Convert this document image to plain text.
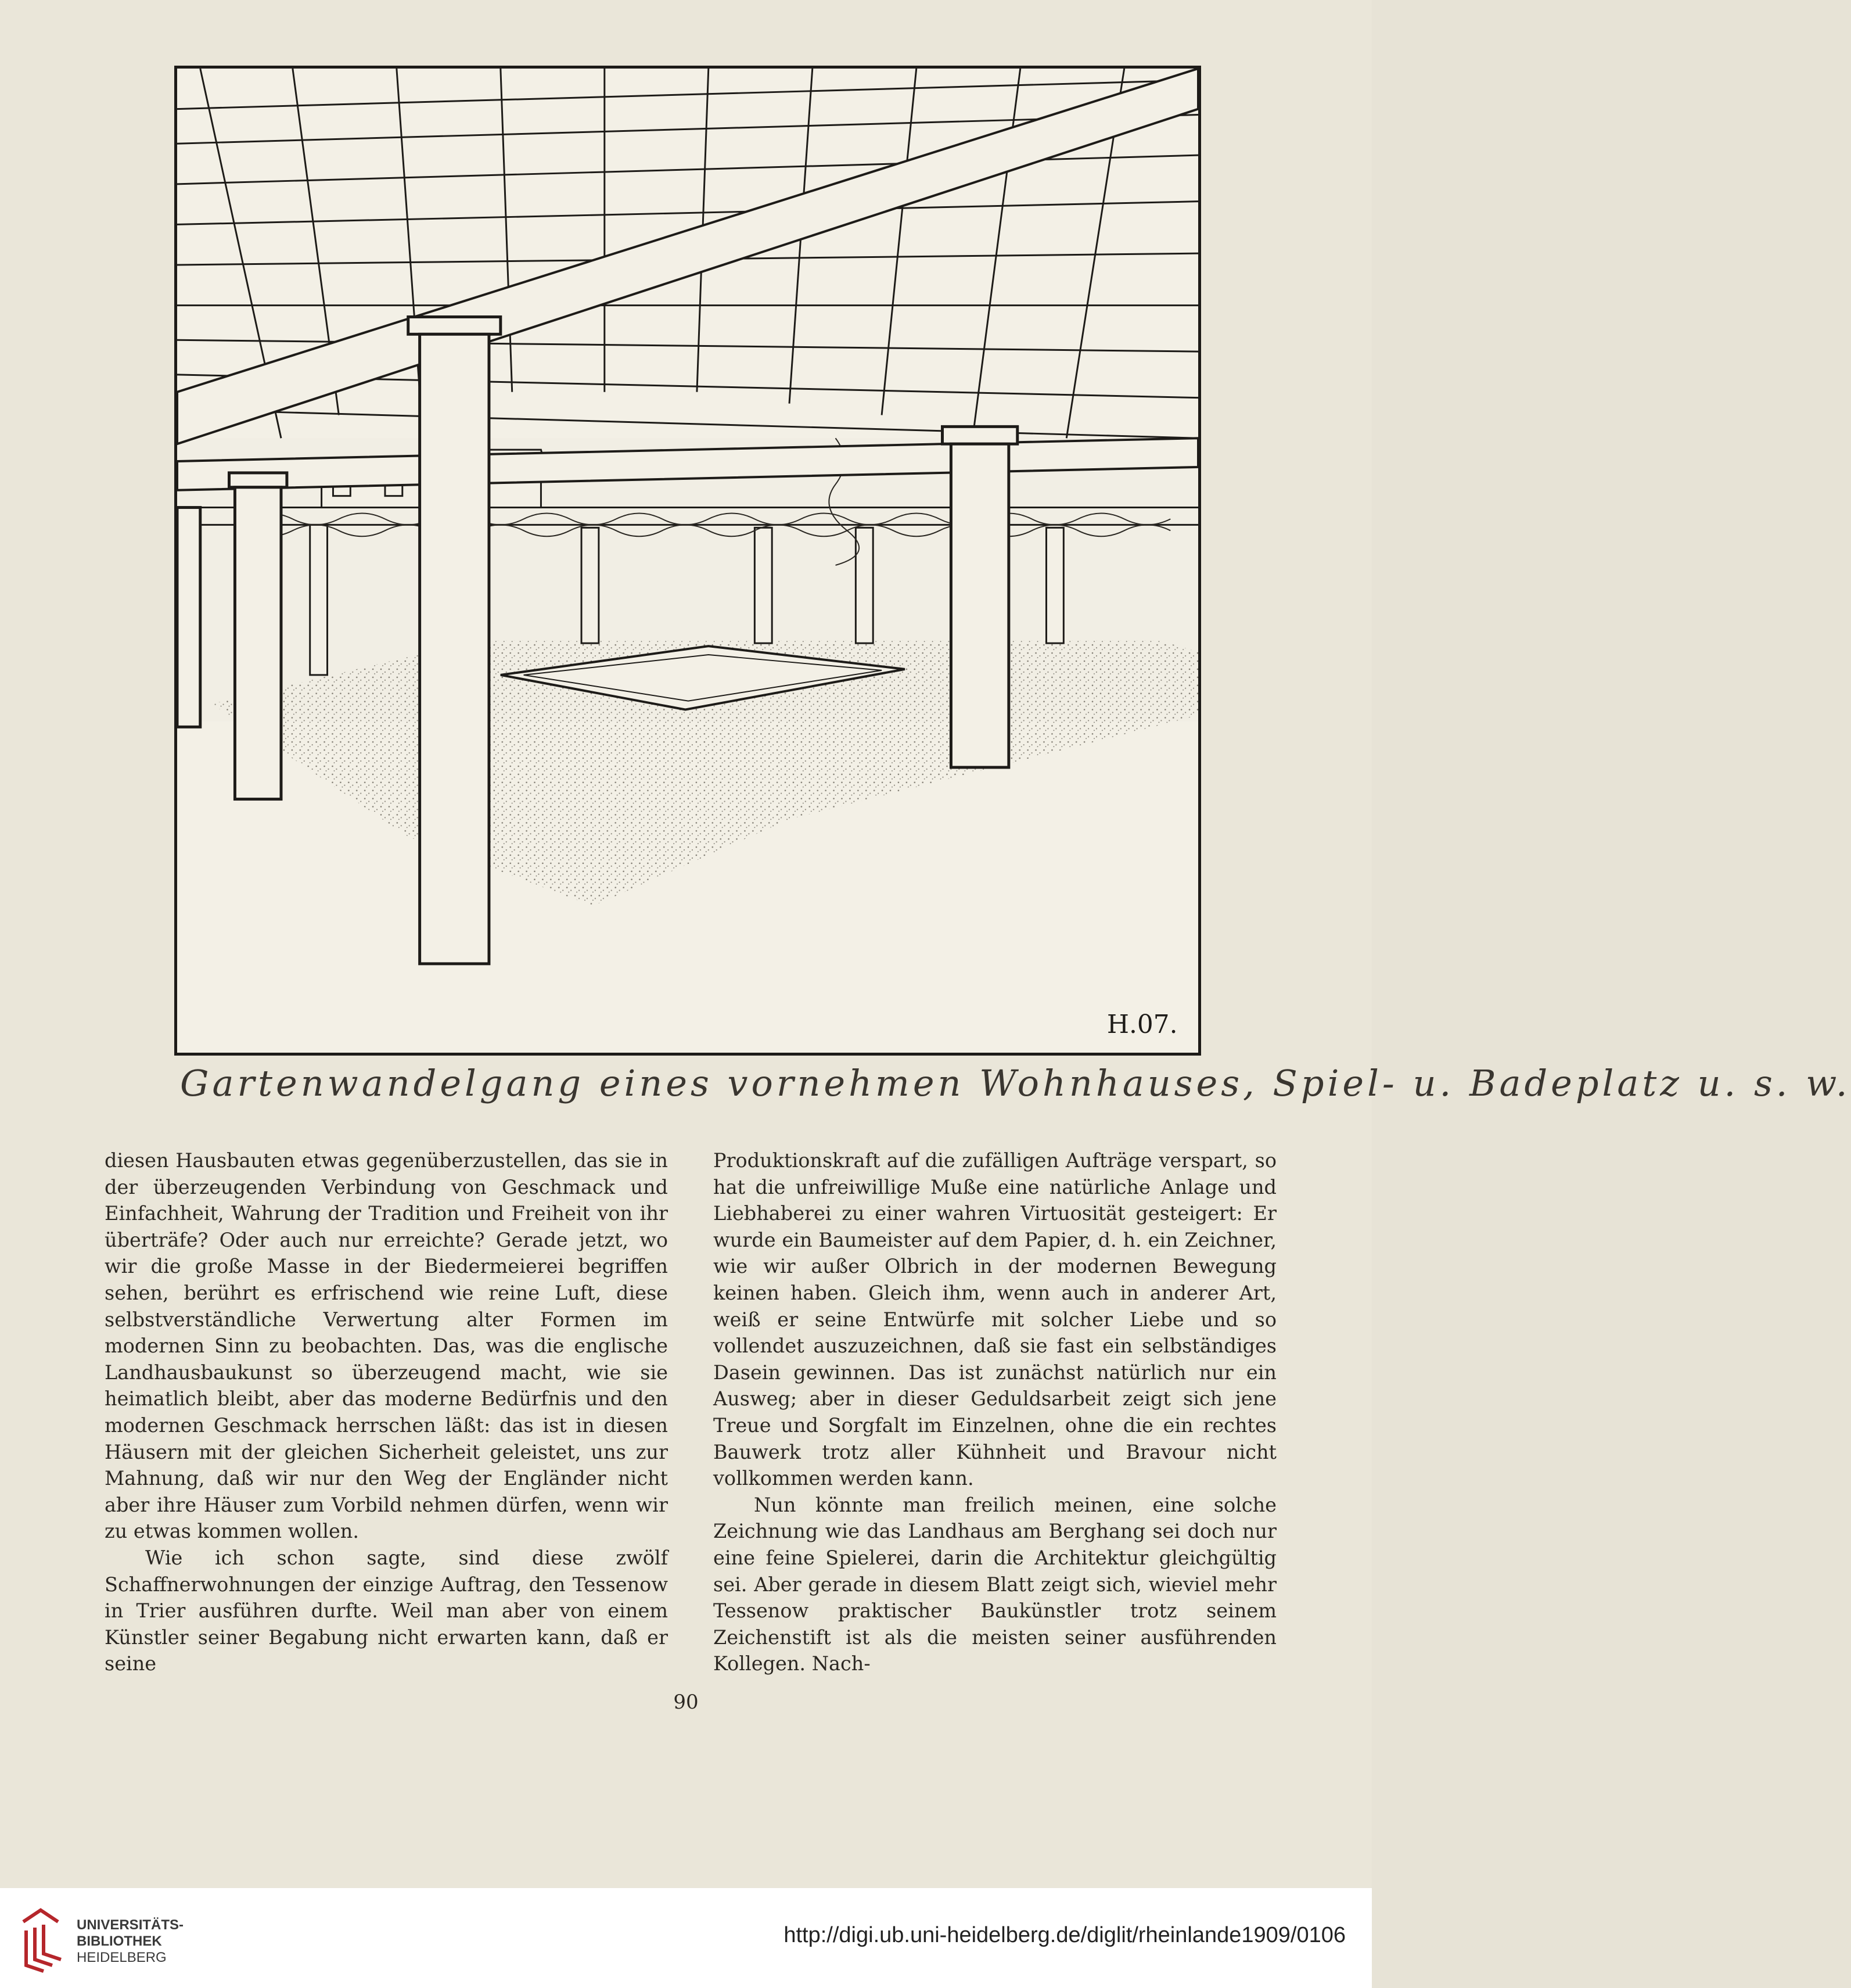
H.07.
Gartenwandelgang eines vornehmen Wohnhauses, Spiel- u. Badeplatz u. s. w.

diesen Hausbauten etwas gegenüberzustellen, das sie in der überzeugenden Verbindung von Geschmack und Einfachheit, Wahrung der Tradition und Freiheit von ihr überträfe? Oder auch nur erreichte? Gerade jetzt, wo wir die große Masse in der Biedermeierei begriffen sehen, berührt es erfrischend wie reine Luft, diese selbstverständliche Verwertung alter Formen im modernen Sinn zu beobachten. Das, was die englische Landhausbaukunst so überzeugend macht, wie sie heimatlich bleibt, aber das moderne Bedürfnis und den modernen Geschmack herrschen läßt: das ist in diesen Häusern mit der gleichen Sicherheit geleistet, uns zur Mahnung, daß wir nur den Weg der Engländer nicht aber ihre Häuser zum Vorbild nehmen dürfen, wenn wir zu etwas kommen wollen.

Wie ich schon sagte, sind diese zwölf Schaffnerwohnungen der einzige Auftrag, den Tessenow in Trier ausführen durfte. Weil man aber von einem Künstler seiner Begabung nicht erwarten kann, daß er seine

Produktionskraft auf die zufälligen Aufträge verspart, so hat die unfreiwillige Muße eine natürliche Anlage und Liebhaberei zu einer wahren Virtuosität gesteigert: Er wurde ein Baumeister auf dem Papier, d. h. ein Zeichner, wie wir außer Olbrich in der modernen Bewegung keinen haben. Gleich ihm, wenn auch in anderer Art, weiß er seine Entwürfe mit solcher Liebe und so vollendet auszuzeichnen, daß sie fast ein selbständiges Dasein gewinnen. Das ist zunächst natürlich nur ein Ausweg; aber in dieser Geduldsarbeit zeigt sich jene Treue und Sorgfalt im Einzelnen, ohne die ein rechtes Bauwerk trotz aller Kühnheit und Bravour nicht vollkommen werden kann.

Nun könnte man freilich meinen, eine solche Zeichnung wie das Landhaus am Berghang sei doch nur eine feine Spielerei, darin die Architektur gleichgültig sei. Aber gerade in diesem Blatt zeigt sich, wieviel mehr Tessenow praktischer Baukünstler trotz seinem Zeichenstift ist als die meisten seiner ausführenden Kollegen. Nach-

90
UNIVERSITÄTS-
BIBLIOTHEK
HEIDELBERG
http://digi.ub.uni-heidelberg.de/diglit/rheinlande1909/0106
